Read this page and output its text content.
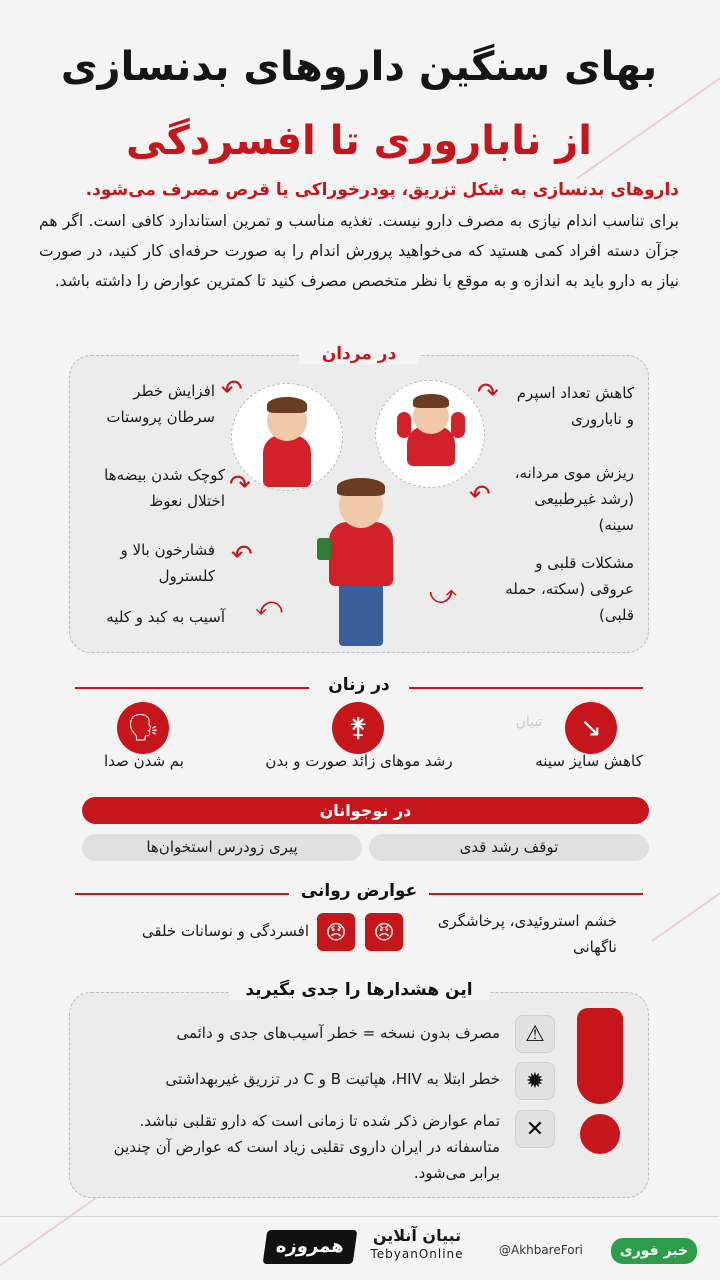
بهای سنگین داروهای بدنسازی
از ناباروری تا افسردگی
داروهای بدنسازی به شکل تزریق، پودرخوراکی یا قرص مصرف می‌شود.
برای تناسب اندام نیازی به مصرف دارو نیست. تغذیه مناسب و تمرین استاندارد کافی است. اگر هم جزآن دسته افراد کمی هستید که می‌خواهید پرورش اندام را به صورت حرفه‌ای کار کنید، در صورت نیاز به دارو باید به اندازه و به موقع با نظر متخصص مصرف کنید تا کمترین عوارض را داشته باشد.
در مردان
افزایش خطر سرطان پروستات
کوچک شدن بیضه‌ها اختلال نعوظ
فشارخون بالا و کلسترول
آسیب به کبد و کلیه
کاهش تعداد اسپرم و ناباروری
ریزش موی مردانه، (رشد غیرطبیعی سینه)
مشکلات قلبی و عروقی (سکته، حمله قلبی)
↶
↷
↶
⤺
↷
↶
⤻
در زنان
تبیان	↘
کاهش سایز سینه
⚵
رشد موهای زائد صورت و بدن
🗣
بم شدن صدا
در نوجوانان
توقف رشد قدی
پیری زودرس استخوان‌ها
عوارض روانی
خشم استروئیدی، پرخاشگری ناگهانی
😠
😞
افسردگی و نوسانات خلقی
این هشدارها را جدی بگیرید
⚠
مصرف بدون نسخه = خطر آسیب‌های جدی و دائمی
✹
خطر ابتلا به HIV، هپاتیت B و C در تزریق غیربهداشتی
✕
تمام عوارض ذکر شده تا زمانی است که دارو تقلبی نباشد. متاسفانه در ایران داروی تقلبی زیاد است که عوارض آن چندین برابر می‌شود.
همروزه
تبیان آنلاین
TebyanOnline	@AkhbareFori	خبر فوری
